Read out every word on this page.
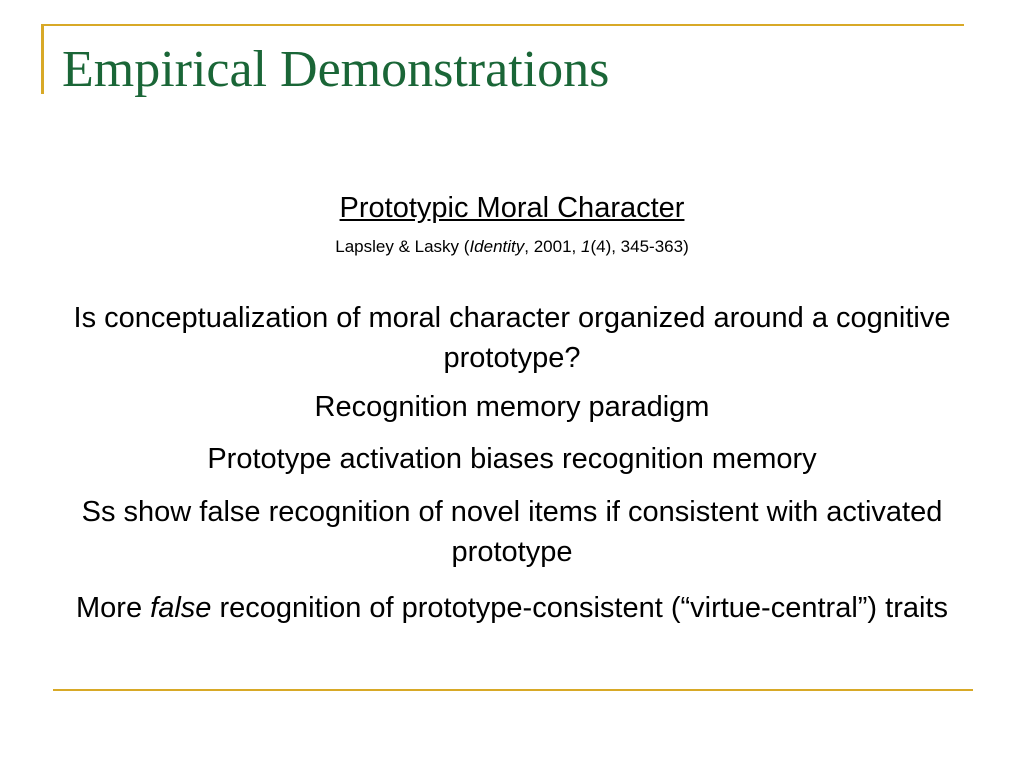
Empirical Demonstrations
Prototypic Moral Character
Lapsley & Lasky (Identity, 2001, 1(4), 345-363)
Is conceptualization of moral character organized around a cognitive prototype?
Recognition memory paradigm
Prototype activation biases recognition memory
Ss show false recognition of novel items if consistent with activated prototype
More false recognition of prototype-consistent (“virtue-central”) traits
